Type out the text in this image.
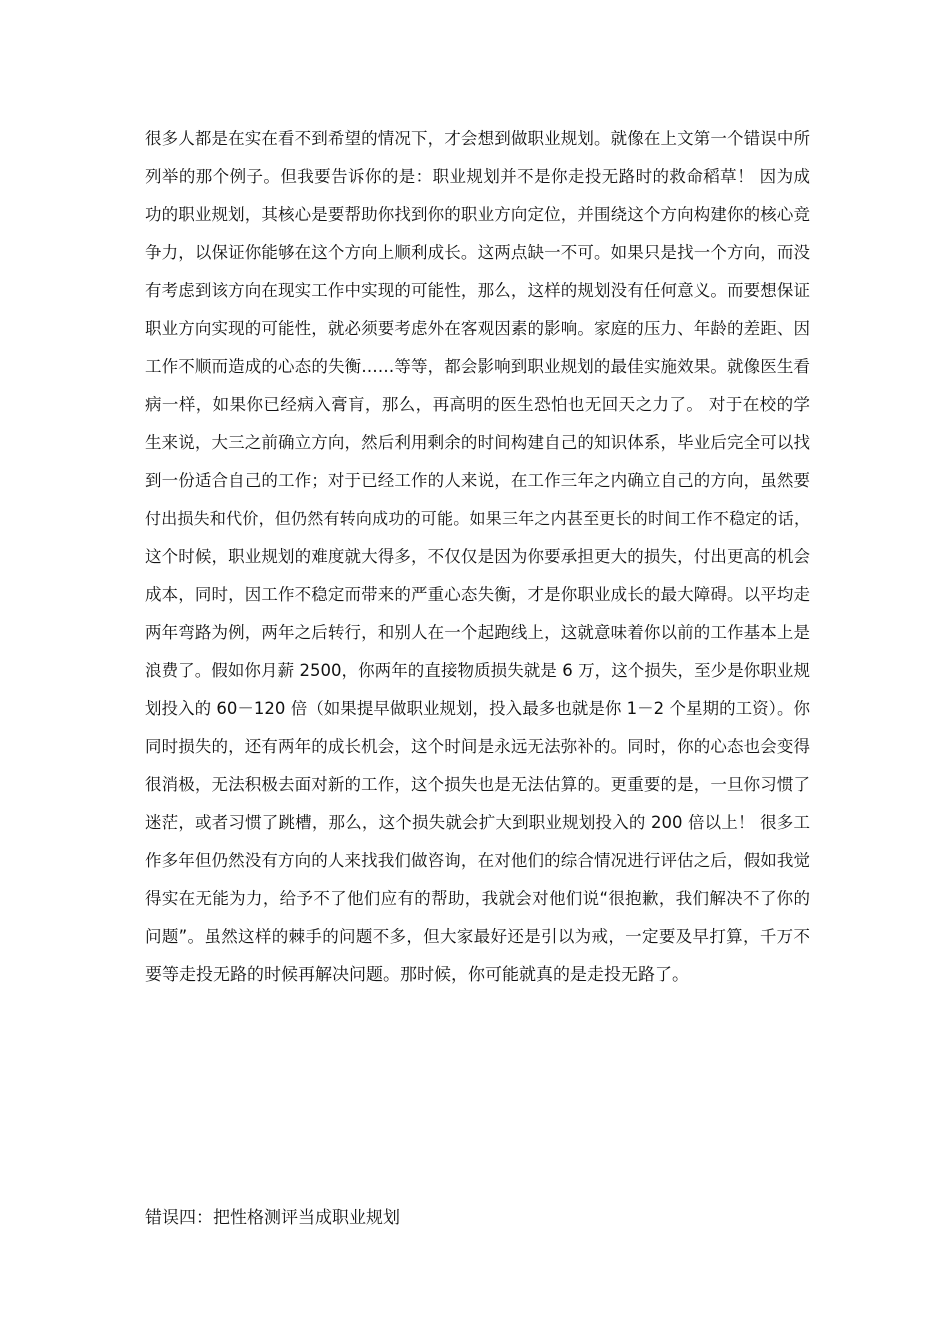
很多人都是在实在看不到希望的情况下，才会想到做职业规划。就像在上文第一个错误中所
列举的那个例子。但我要告诉你的是：职业规划并不是你走投无路时的救命稻草！ 因为成
功的职业规划，其核心是要帮助你找到你的职业方向定位，并围绕这个方向构建你的核心竞
争力，以保证你能够在这个方向上顺利成长。这两点缺一不可。如果只是找一个方向，而没
有考虑到该方向在现实工作中实现的可能性，那么，这样的规划没有任何意义。而要想保证
职业方向实现的可能性，就必须要考虑外在客观因素的影响。家庭的压力、年龄的差距、因
工作不顺而造成的心态的失衡……等等，都会影响到职业规划的最佳实施效果。就像医生看
病一样，如果你已经病入膏肓，那么，再高明的医生恐怕也无回天之力了。 对于在校的学
生来说，大三之前确立方向，然后利用剩余的时间构建自己的知识体系，毕业后完全可以找
到一份适合自己的工作；对于已经工作的人来说，在工作三年之内确立自己的方向，虽然要
付出损失和代价，但仍然有转向成功的可能。如果三年之内甚至更长的时间工作不稳定的话，
这个时候，职业规划的难度就大得多，不仅仅是因为你要承担更大的损失，付出更高的机会
成本，同时，因工作不稳定而带来的严重心态失衡，才是你职业成长的最大障碍。以平均走
两年弯路为例，两年之后转行，和别人在一个起跑线上，这就意味着你以前的工作基本上是
浪费了。假如你月薪 2500，你两年的直接物质损失就是 6 万，这个损失，至少是你职业规
划投入的 60－120 倍（如果提早做职业规划，投入最多也就是你 1－2 个星期的工资）。你
同时损失的，还有两年的成长机会，这个时间是永远无法弥补的。同时，你的心态也会变得
很消极，无法积极去面对新的工作，这个损失也是无法估算的。更重要的是，一旦你习惯了
迷茫，或者习惯了跳槽，那么，这个损失就会扩大到职业规划投入的 200 倍以上！ 很多工
作多年但仍然没有方向的人来找我们做咨询，在对他们的综合情况进行评估之后，假如我觉
得实在无能为力，给予不了他们应有的帮助，我就会对他们说“很抱歉，我们解决不了你的
问题”。虽然这样的棘手的问题不多，但大家最好还是引以为戒，一定要及早打算，千万不
要等走投无路的时候再解决问题。那时候，你可能就真的是走投无路了。
错误四：把性格测评当成职业规划
